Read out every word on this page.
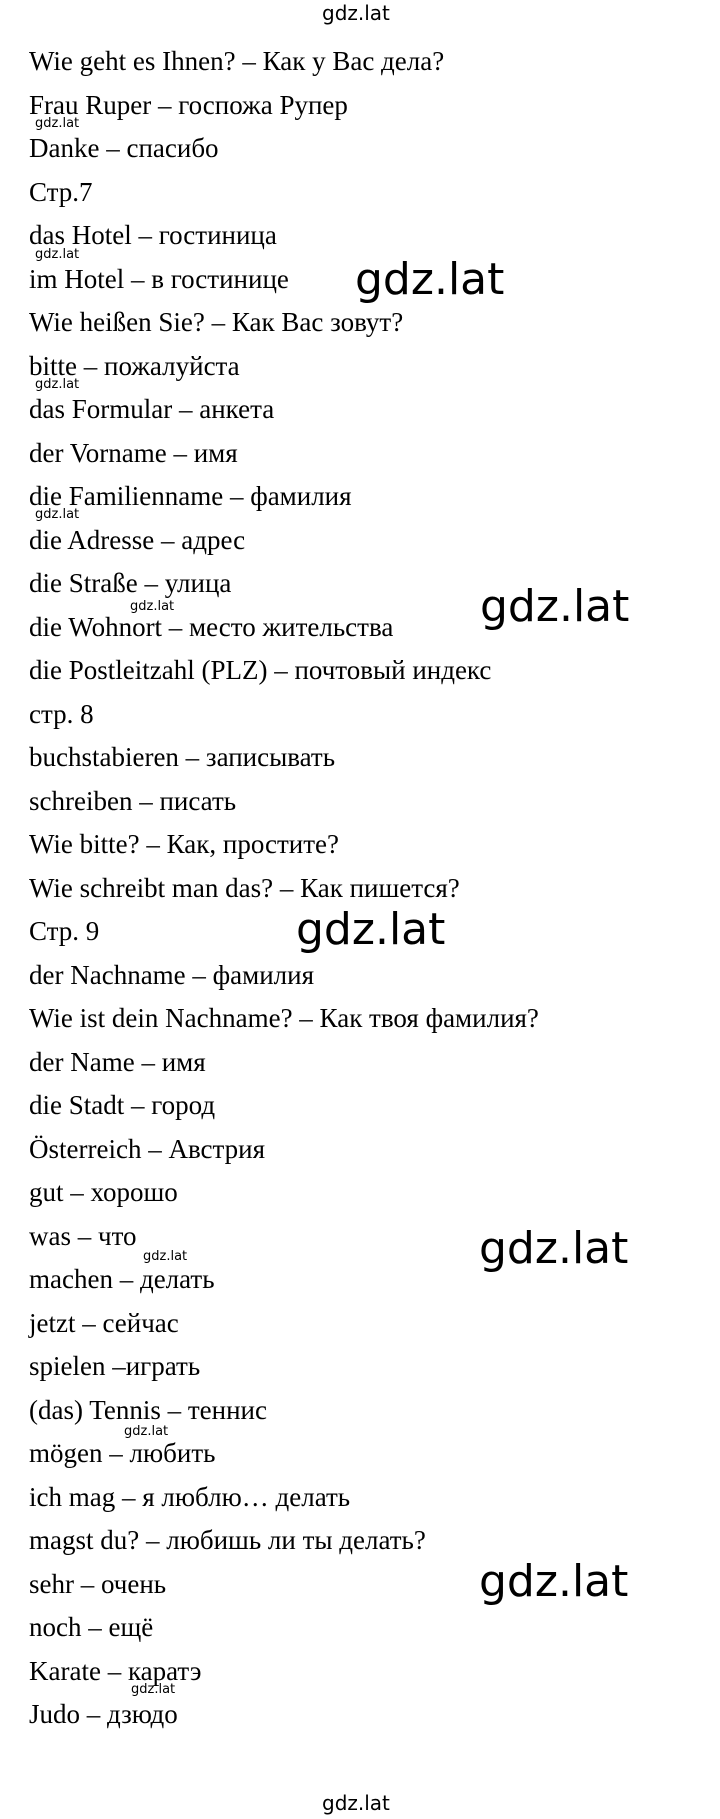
gdz.lat
Wie geht es Ihnen? – Как у Вас дела?
Frau Ruper – госпожа Рупер
Danke – спасибо
Стр.7
das Hotel – гостиница
im Hotel – в гостинице
Wie heißen Sie? – Как Вас зовут?
bitte – пожалуйста
das Formular – анкета
der Vorname – имя
die Familienname – фамилия
die Adresse – адрес
die Straße – улица
die Wohnort – место жительства
die Postleitzahl (PLZ) – почтовый индекс
стр. 8
buchstabieren – записывать
schreiben – писать
Wie bitte? – Как, простите?
Wie schreibt man das? – Как пишется?
Стр. 9
der Nachname – фамилия
Wie ist dein Nachname? – Как твоя фамилия?
der Name – имя
die Stadt – город
Österreich – Австрия
gut – хорошо
was – что
machen – делать
jetzt – сейчас
spielen –играть
(das) Tennis – теннис
mögen – любить
ich mag – я люблю… делать
magst du? – любишь ли ты делать?
sehr – очень
noch – ещё
Karate – каратэ
Judo – дзюдо
gdz.lat
gdz.lat
gdz.lat
gdz.lat
gdz.lat
gdz.lat
gdz.lat
gdz.lat
gdz.lat
gdz.lat
gdz.lat
gdz.lat
gdz.lat
gdz.lat
